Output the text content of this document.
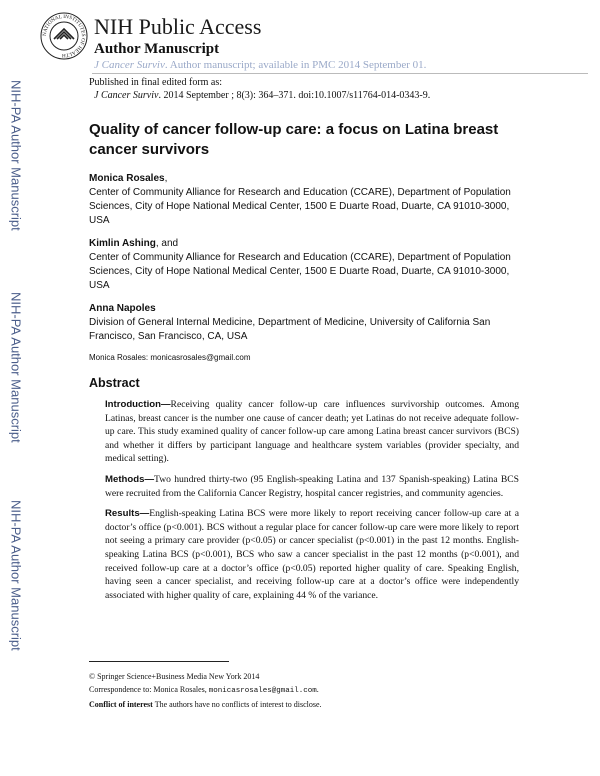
NATIONAL INSTITUTES OF HEALTH
NIH Public Access
Author Manuscript
J Cancer Surviv. Author manuscript; available in PMC 2014 September 01.
NIH-PA Author Manuscript
NIH-PA Author Manuscript
NIH-PA Author Manuscript
Published in final edited form as:
J Cancer Surviv. 2014 September ; 8(3): 364–371. doi:10.1007/s11764-014-0343-9.
Quality of cancer follow-up care: a focus on Latina breast cancer survivors
Monica Rosales,
Center of Community Alliance for Research and Education (CCARE), Department of Population Sciences, City of Hope National Medical Center, 1500 E Duarte Road, Duarte, CA 91010-3000, USA
Kimlin Ashing, and
Center of Community Alliance for Research and Education (CCARE), Department of Population Sciences, City of Hope National Medical Center, 1500 E Duarte Road, Duarte, CA 91010-3000, USA
Anna Napoles
Division of General Internal Medicine, Department of Medicine, University of California San Francisco, San Francisco, CA, USA
Monica Rosales: monicasrosales@gmail.com
Abstract

Introduction—Receiving quality cancer follow-up care influences survivorship outcomes. Among Latinas, breast cancer is the number one cause of cancer death; yet Latinas do not receive adequate follow-up care. This study examined quality of cancer follow-up care among Latina breast cancer survivors (BCS) and whether it differs by participant language and healthcare system variables (provider specialty, and medical setting).

Methods—Two hundred thirty-two (95 English-speaking Latina and 137 Spanish-speaking) Latina BCS were recruited from the California Cancer Registry, hospital cancer registries, and community agencies.

Results—English-speaking Latina BCS were more likely to report receiving cancer follow-up care at a doctor’s office (p<0.001). BCS without a regular place for cancer follow-up care were more likely to report not seeing a primary care provider (p<0.05) or cancer specialist (p<0.001) in the past 12 months. English-speaking Latina BCS (p<0.001), BCS who saw a cancer specialist in the past 12 months (p<0.001), and received follow-up care at a doctor’s office (p<0.05) reported higher quality of care. Speaking English, having seen a cancer specialist, and receiving follow-up care at a doctor’s office were independently associated with higher quality of care, explaining 44 % of the variance.

© Springer Science+Business Media New York 2014
Correspondence to: Monica Rosales, monicasrosales@gmail.com.
Conflict of interest The authors have no conflicts of interest to disclose.
